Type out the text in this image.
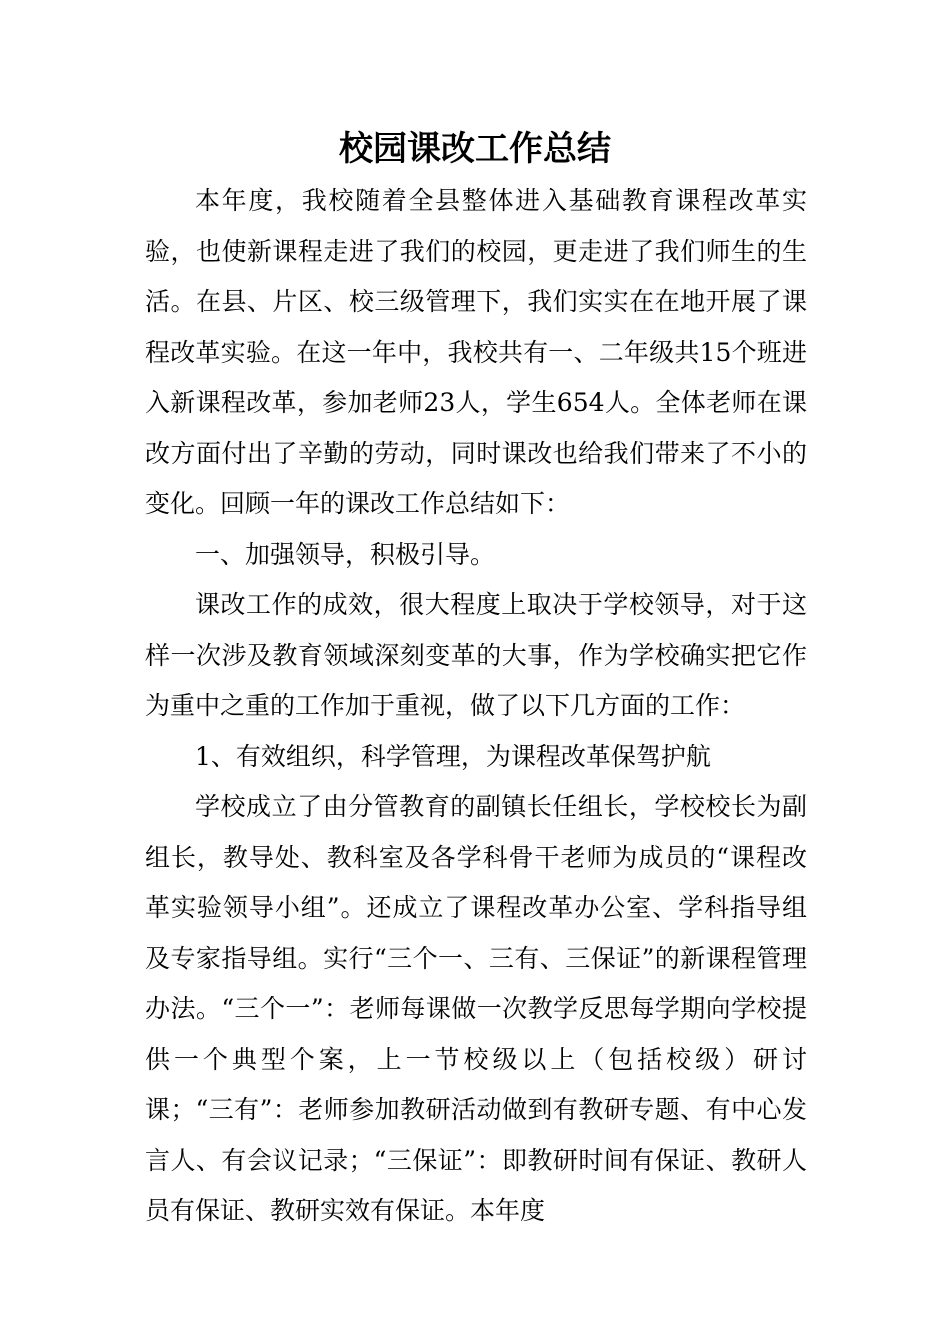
校园课改工作总结

本年度，我校随着全县整体进入基础教育课程改革实验，也使新课程走进了我们的校园，更走进了我们师生的生活。在县、片区、校三级管理下，我们实实在在地开展了课程改革实验。在这一年中，我校共有一、二年级共15个班进入新课程改革，参加老师23人，学生654人。全体老师在课改方面付出了辛勤的劳动，同时课改也给我们带来了不小的变化。回顾一年的课改工作总结如下：

一、加强领导，积极引导。

课改工作的成效，很大程度上取决于学校领导，对于这样一次涉及教育领域深刻变革的大事，作为学校确实把它作为重中之重的工作加于重视，做了以下几方面的工作：

1、有效组织，科学管理，为课程改革保驾护航

学校成立了由分管教育的副镇长任组长，学校校长为副组长，教导处、教科室及各学科骨干老师为成员的“课程改革实验领导小组”。还成立了课程改革办公室、学科指导组及专家指导组。实行“三个一、三有、三保证”的新课程管理办法。“三个一”：老师每课做一次教学反思每学期向学校提供一个典型个案，上一节校级以上（包括校级）研讨课；“三有”：老师参加教研活动做到有教研专题、有中心发言人、有会议记录；“三保证”：即教研时间有保证、教研人员有保证、教研实效有保证。本年度
